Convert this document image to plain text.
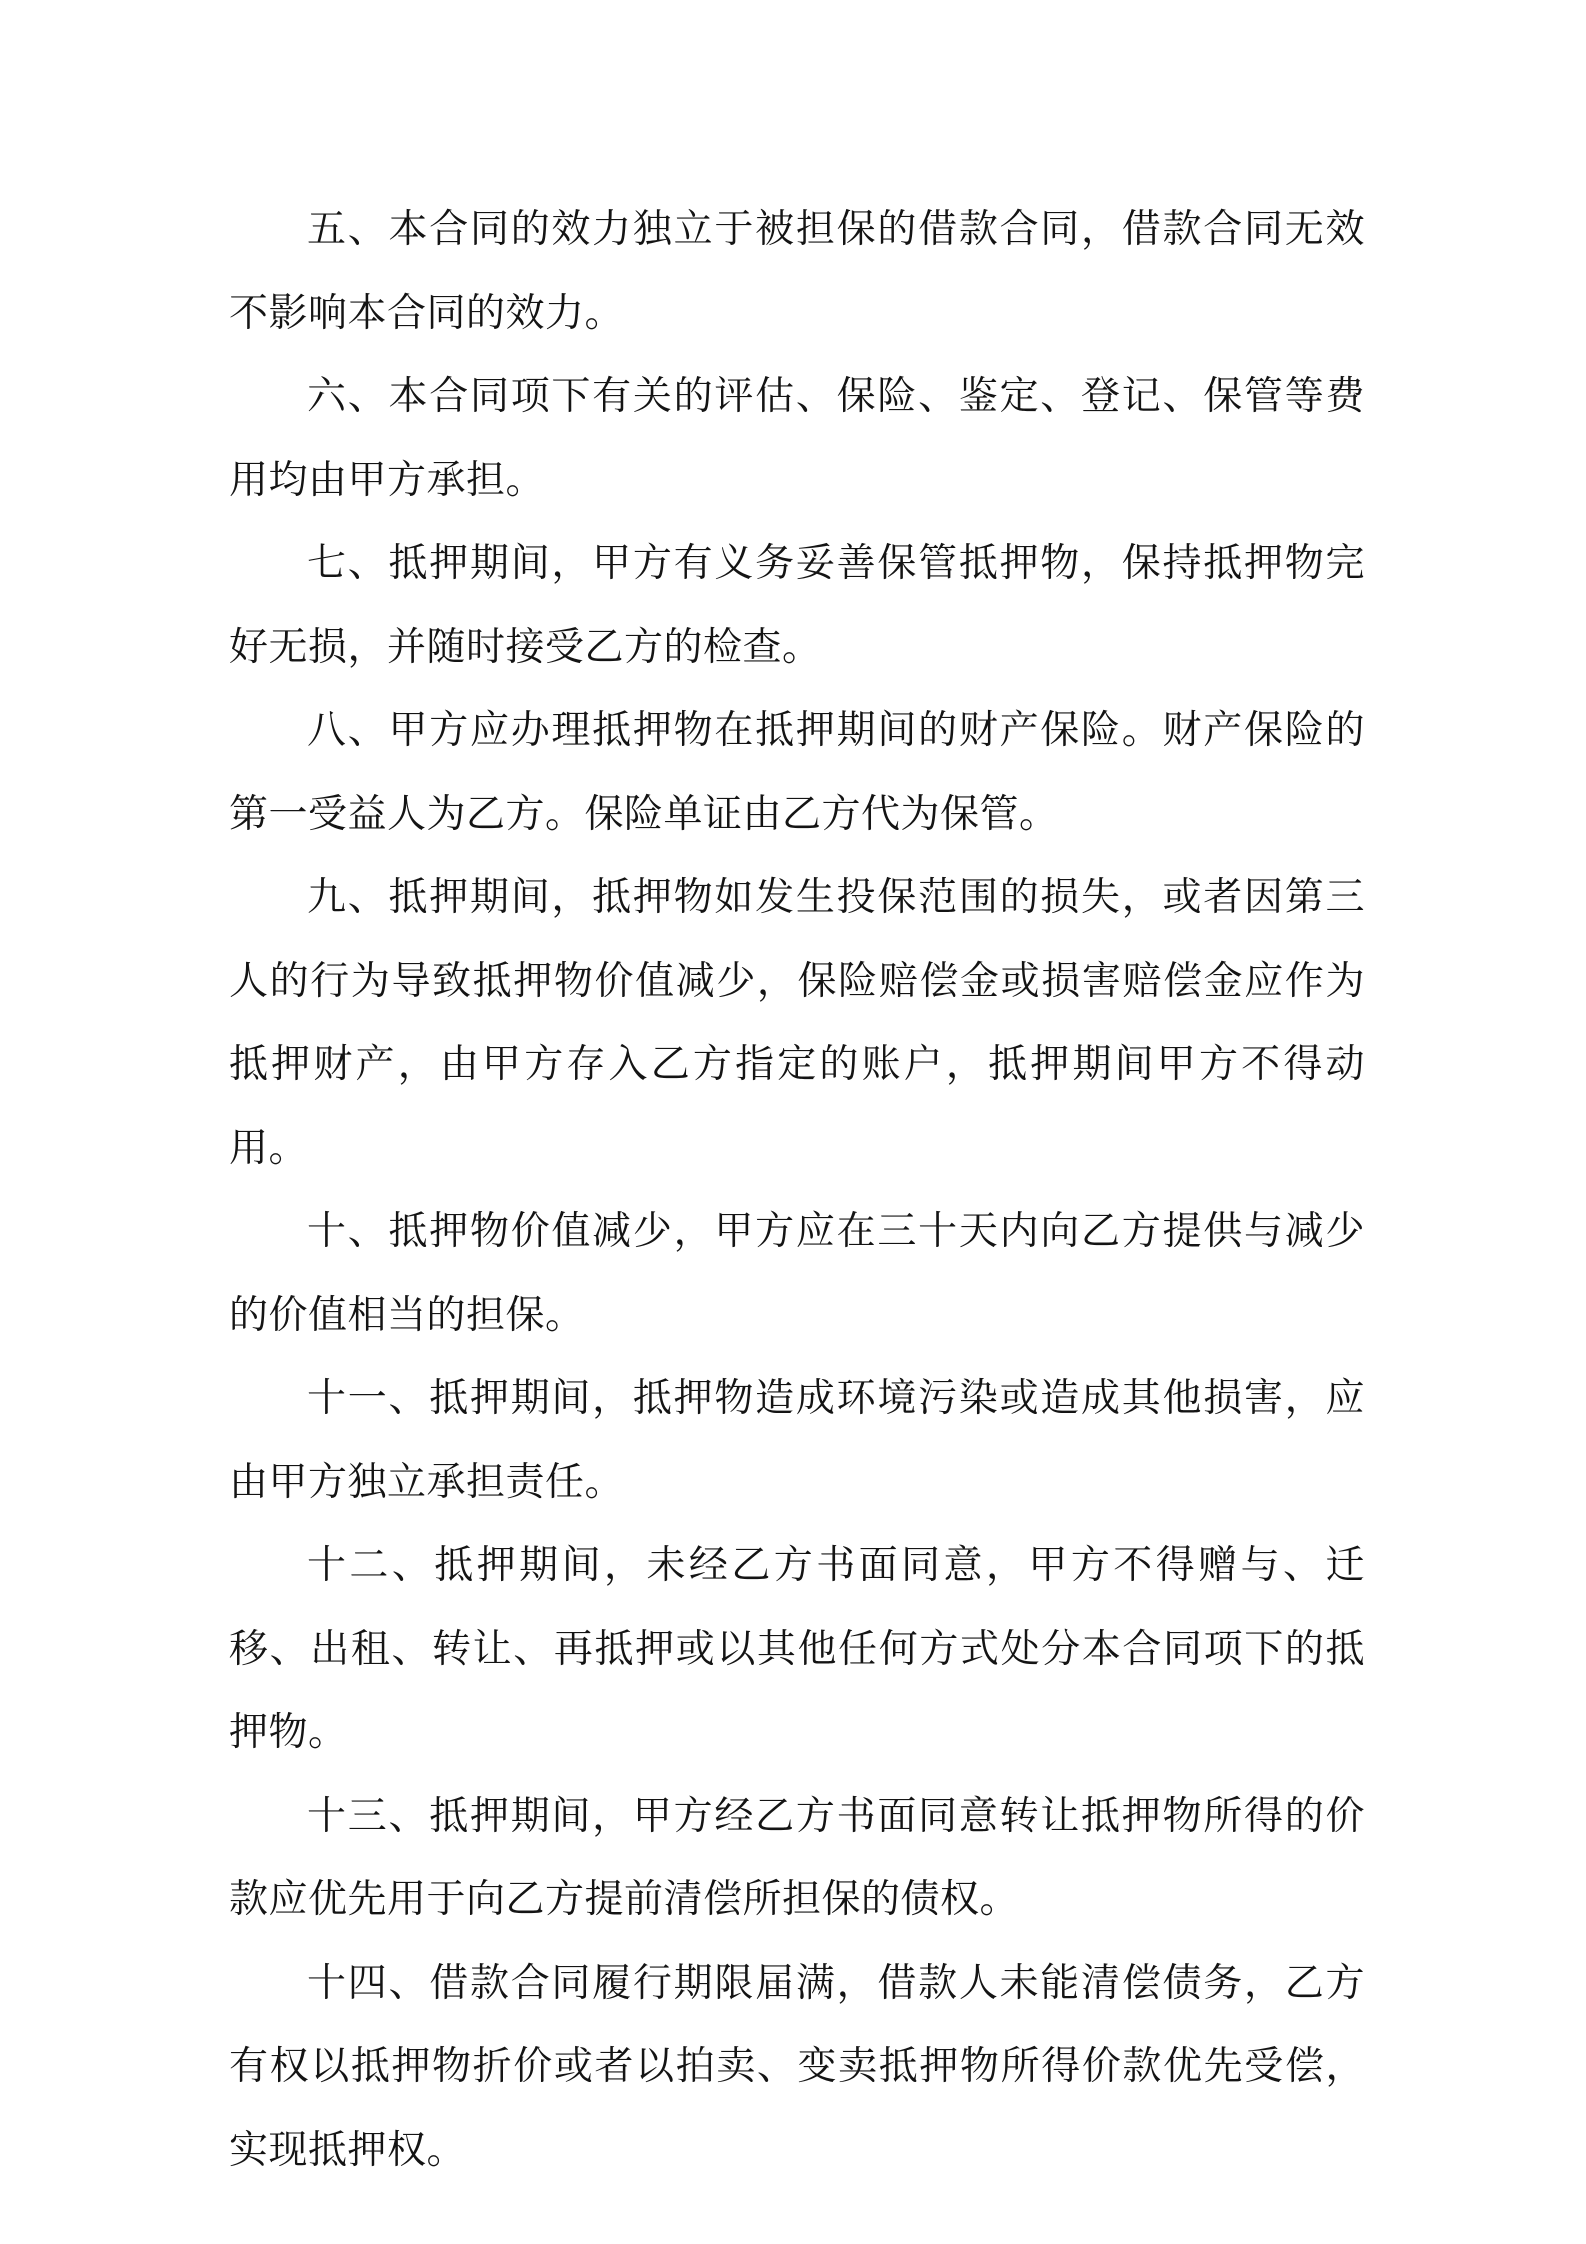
五、本合同的效力独立于被担保的借款合同，借款合同无效不影响本合同的效力。

六、本合同项下有关的评估、保险、鉴定、登记、保管等费用均由甲方承担。

七、抵押期间，甲方有义务妥善保管抵押物，保持抵押物完好无损，并随时接受乙方的检查。

八、甲方应办理抵押物在抵押期间的财产保险。财产保险的第一受益人为乙方。保险单证由乙方代为保管。

九、抵押期间，抵押物如发生投保范围的损失，或者因第三人的行为导致抵押物价值减少，保险赔偿金或损害赔偿金应作为抵押财产，由甲方存入乙方指定的账户，抵押期间甲方不得动用。

十、抵押物价值减少，甲方应在三十天内向乙方提供与减少的价值相当的担保。

十一、抵押期间，抵押物造成环境污染或造成其他损害，应由甲方独立承担责任。

十二、抵押期间，未经乙方书面同意，甲方不得赠与、迁移、出租、转让、再抵押或以其他任何方式处分本合同项下的抵押物。

十三、抵押期间，甲方经乙方书面同意转让抵押物所得的价款应优先用于向乙方提前清偿所担保的债权。

十四、借款合同履行期限届满，借款人未能清偿债务，乙方有权以抵押物折价或者以拍卖、变卖抵押物所得价款优先受偿，实现抵押权。
